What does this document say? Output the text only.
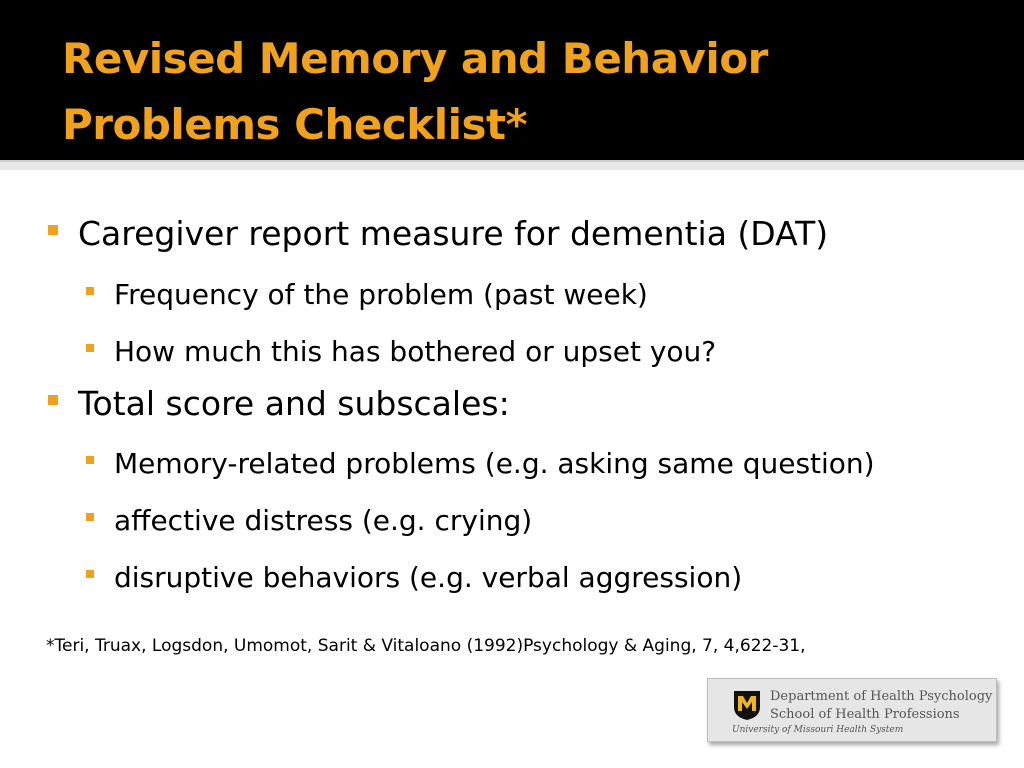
Revised Memory and Behavior
Problems Checklist*
Caregiver report measure for dementia (DAT)
Frequency of the problem (past week)
How much this has bothered or upset you?
Total score and subscales:
Memory-related problems (e.g. asking same question)
affective distress (e.g. crying)
disruptive behaviors (e.g. verbal aggression)
*Teri, Truax, Logsdon, Umomot, Sarit & Vitaloano (1992)Psychology & Aging, 7, 4,622-31,
Department of Health Psychology
School of Health Professions
University of Missouri Health System
